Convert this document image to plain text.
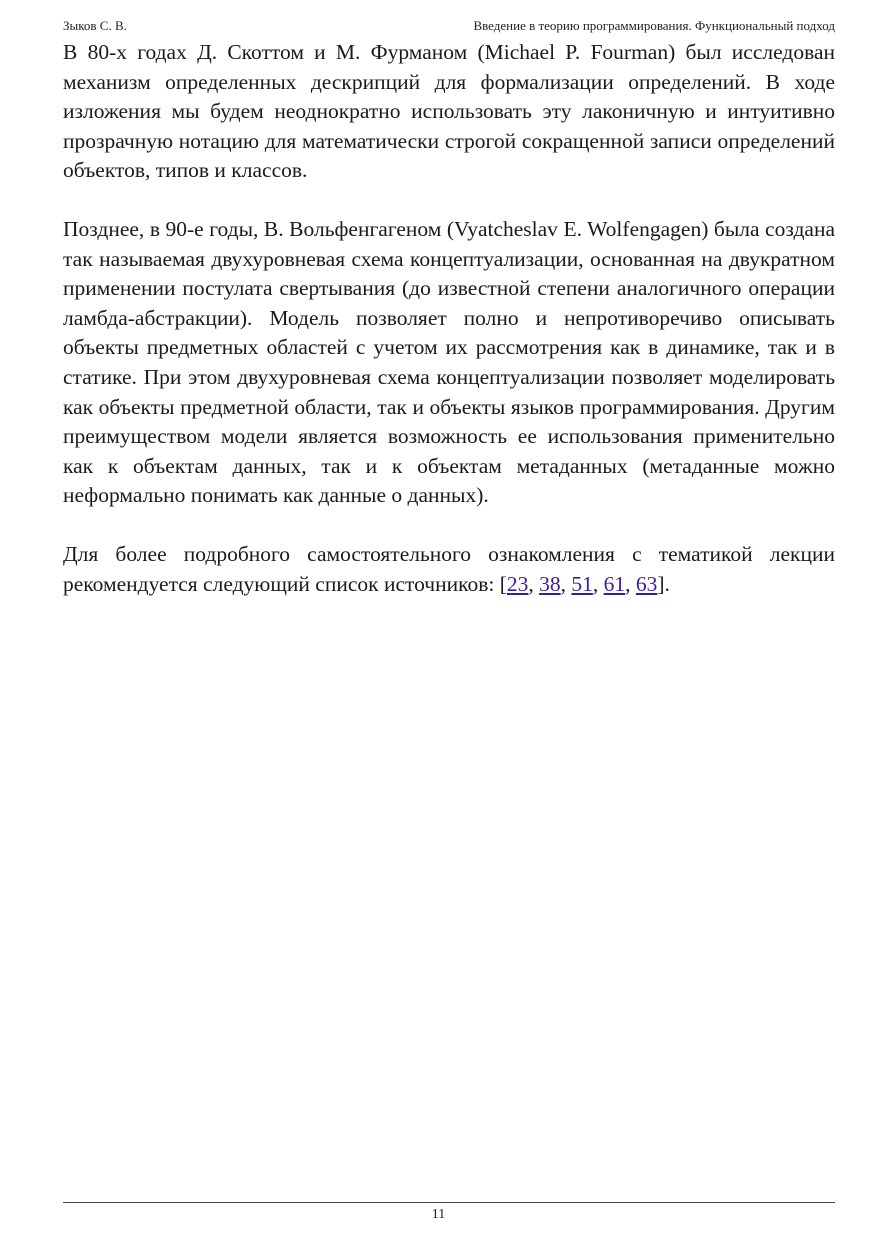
Зыков С. В.	Введение в теорию программирования. Функциональный подход

В 80-х годах Д. Скоттом и М. Фурманом (Michael P. Fourman) был исследован механизм определенных дескрипций для формализации определений. В ходе изложения мы будем неоднократно использовать эту лаконичную и интуитивно прозрачную нотацию для математически строгой сокращенной записи определений объектов, типов и классов.

Позднее, в 90-е годы, В. Вольфенгагеном (Vyatcheslav E. Wolfengagen) была создана так называемая двухуровневая схема концептуализации, основанная на двукратном применении постулата свертывания (до известной степени аналогичного операции ламбда-абстракции). Модель позволяет полно и непротиворечиво описывать объекты предметных областей с учетом их рассмотрения как в динамике, так и в статике. При этом двухуровневая схема концептуализации позволяет моделировать как объекты предметной области, так и объекты языков программирования. Другим преимуществом модели является возможность ее использования применительно как к объектам данных, так и к объектам метаданных (метаданные можно неформально понимать как данные о данных).

Для более подробного самостоятельного ознакомления с тематикой лекции рекомендуется следующий список источников: [23, 38, 51, 61, 63].

11
